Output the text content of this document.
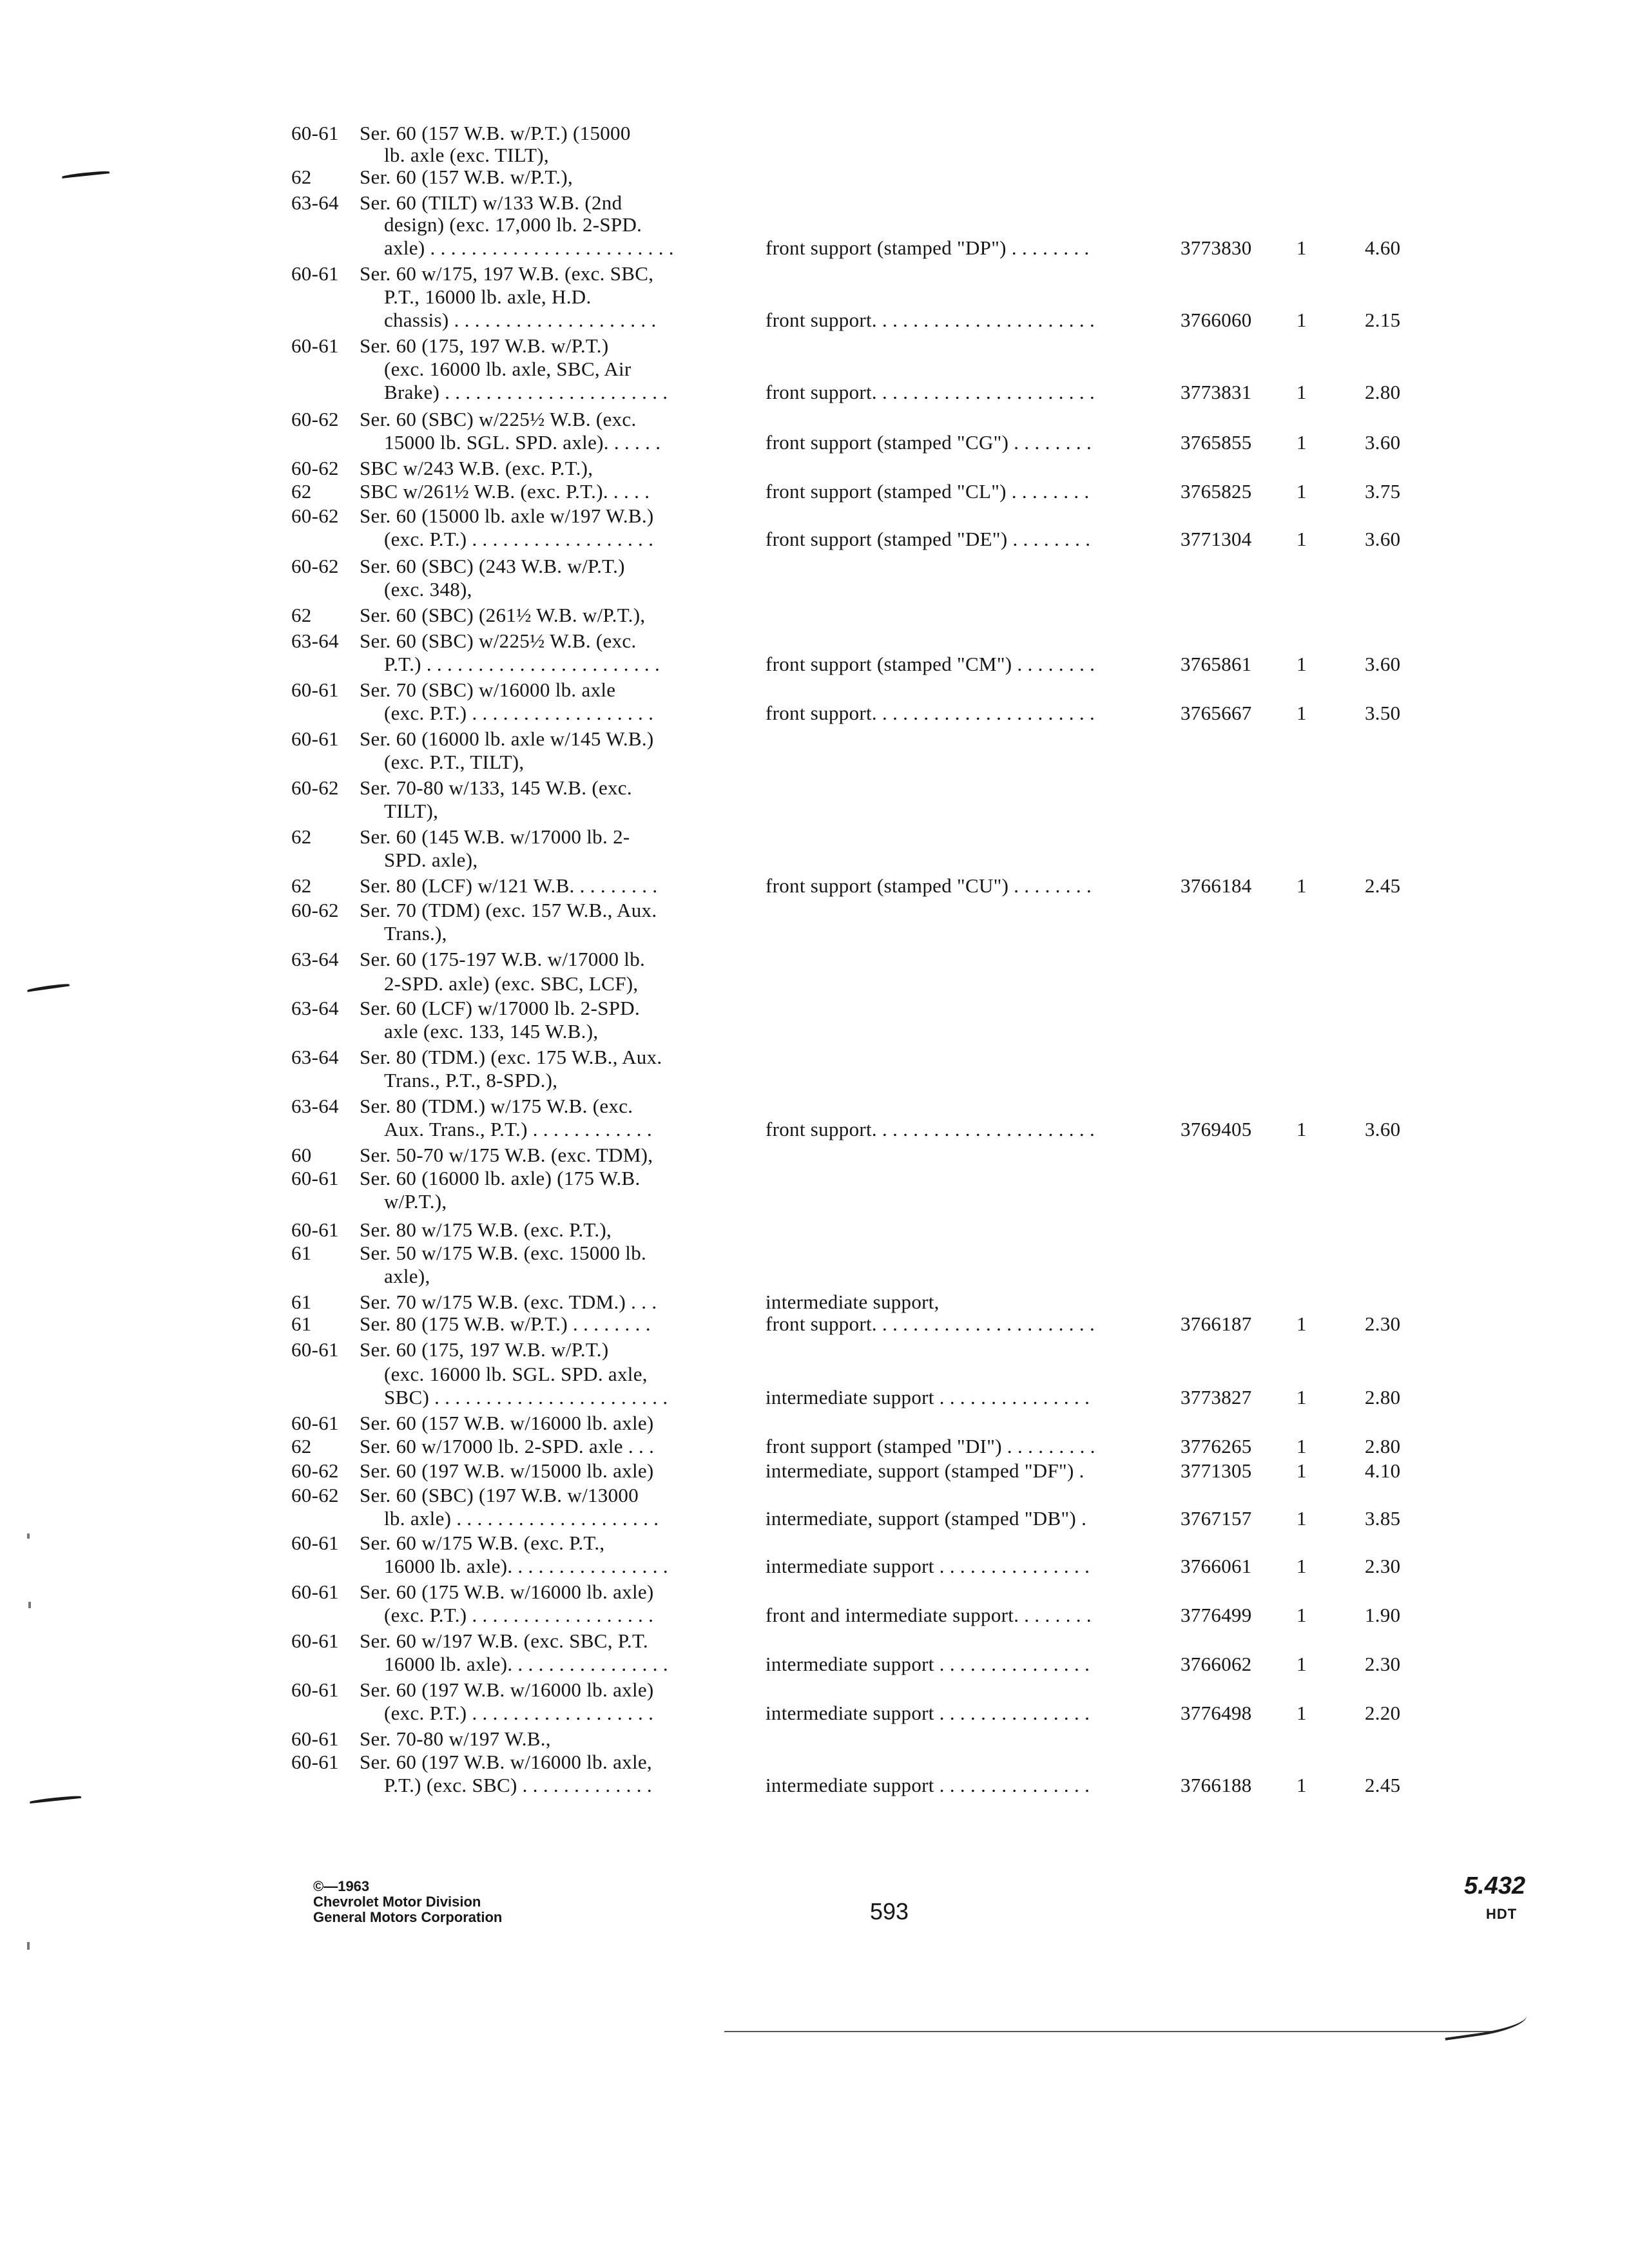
60-61 Ser. 60 (157 W.B. w/P.T.) (15000
lb. axle (exc. TILT),
62 Ser. 60 (157 W.B. w/P.T.),
63-64 Ser. 60 (TILT) w/133 W.B. (2nd
design) (exc. 17,000 lb. 2-SPD.
axle) . . . . . . . . . . . . . . . . . . . . . . . .	front support (stamped "DP") . . . . . . . .	3773830 1	4.60
60-61 Ser. 60 w/175, 197 W.B. (exc. SBC,
P.T., 16000 lb. axle, H.D.
chassis) . . . . . . . . . . . . . . . . . . . .	front support. . . . . . . . . . . . . . . . . . . . . .	3766060 1	2.15
60-61 Ser. 60 (175, 197 W.B. w/P.T.)
(exc. 16000 lb. axle, SBC, Air
Brake) . . . . . . . . . . . . . . . . . . . . . .	front support. . . . . . . . . . . . . . . . . . . . . .	3773831 1	2.80
60-62 Ser. 60 (SBC) w/225½ W.B. (exc.
15000 lb. SGL. SPD. axle). . . . . .	front support (stamped "CG") . . . . . . . .	3765855 1	3.60
60-62 SBC w/243 W.B. (exc. P.T.),
62 SBC w/261½ W.B. (exc. P.T.). . . . .	front support (stamped "CL") . . . . . . . .	3765825 1	3.75
60-62 Ser. 60 (15000 lb. axle w/197 W.B.)
(exc. P.T.) . . . . . . . . . . . . . . . . . .	front support (stamped "DE") . . . . . . . .	3771304 1	3.60
60-62 Ser. 60 (SBC) (243 W.B. w/P.T.)
(exc. 348),
62 Ser. 60 (SBC) (261½ W.B. w/P.T.),
63-64 Ser. 60 (SBC) w/225½ W.B. (exc.
P.T.) . . . . . . . . . . . . . . . . . . . . . . .	front support (stamped "CM") . . . . . . . .	3765861 1	3.60
60-61 Ser. 70 (SBC) w/16000 lb. axle
(exc. P.T.) . . . . . . . . . . . . . . . . . .	front support. . . . . . . . . . . . . . . . . . . . . .	3765667 1	3.50
60-61 Ser. 60 (16000 lb. axle w/145 W.B.)
(exc. P.T., TILT),
60-62 Ser. 70-80 w/133, 145 W.B. (exc.
TILT),
62 Ser. 60 (145 W.B. w/17000 lb. 2-
SPD. axle),
62 Ser. 80 (LCF) w/121 W.B. . . . . . . . .	front support (stamped "CU") . . . . . . . .	3766184 1	2.45
60-62 Ser. 70 (TDM) (exc. 157 W.B., Aux.
Trans.),
63-64 Ser. 60 (175-197 W.B. w/17000 lb.
2-SPD. axle) (exc. SBC, LCF),
63-64 Ser. 60 (LCF) w/17000 lb. 2-SPD.
axle (exc. 133, 145 W.B.),
63-64 Ser. 80 (TDM.) (exc. 175 W.B., Aux.
Trans., P.T., 8-SPD.),
63-64 Ser. 80 (TDM.) w/175 W.B. (exc.
Aux. Trans., P.T.) . . . . . . . . . . . .	front support. . . . . . . . . . . . . . . . . . . . . .	3769405 1	3.60
60 Ser. 50-70 w/175 W.B. (exc. TDM),
60-61 Ser. 60 (16000 lb. axle) (175 W.B.
w/P.T.),
60-61 Ser. 80 w/175 W.B. (exc. P.T.),
61 Ser. 50 w/175 W.B. (exc. 15000 lb.
axle),
61 Ser. 70 w/175 W.B. (exc. TDM.) . . .	intermediate support,
61 Ser. 80 (175 W.B. w/P.T.) . . . . . . . .	front support. . . . . . . . . . . . . . . . . . . . . .	3766187 1	2.30
60-61 Ser. 60 (175, 197 W.B. w/P.T.)
(exc. 16000 lb. SGL. SPD. axle,
SBC) . . . . . . . . . . . . . . . . . . . . . . .	intermediate support . . . . . . . . . . . . . . .	3773827 1	2.80
60-61 Ser. 60 (157 W.B. w/16000 lb. axle)
62 Ser. 60 w/17000 lb. 2-SPD. axle . . .	front support (stamped "DI") . . . . . . . . .	3776265 1	2.80
60-62 Ser. 60 (197 W.B. w/15000 lb. axle)	intermediate, support (stamped "DF") .	3771305 1	4.10
60-62 Ser. 60 (SBC) (197 W.B. w/13000
lb. axle) . . . . . . . . . . . . . . . . . . . .	intermediate, support (stamped "DB") .	3767157 1	3.85
60-61 Ser. 60 w/175 W.B. (exc. P.T.,
16000 lb. axle). . . . . . . . . . . . . . . .	intermediate support . . . . . . . . . . . . . . .	3766061 1	2.30
60-61 Ser. 60 (175 W.B. w/16000 lb. axle)
(exc. P.T.) . . . . . . . . . . . . . . . . . .	front and intermediate support. . . . . . . .	3776499 1	1.90
60-61 Ser. 60 w/197 W.B. (exc. SBC, P.T.
16000 lb. axle). . . . . . . . . . . . . . . .	intermediate support . . . . . . . . . . . . . . .	3766062 1	2.30
60-61 Ser. 60 (197 W.B. w/16000 lb. axle)
(exc. P.T.) . . . . . . . . . . . . . . . . . .	intermediate support . . . . . . . . . . . . . . .	3776498 1	2.20
60-61 Ser. 70-80 w/197 W.B.,
60-61 Ser. 60 (197 W.B. w/16000 lb. axle,
P.T.) (exc. SBC) . . . . . . . . . . . . .	intermediate support . . . . . . . . . . . . . . .	3766188 1	2.45
©—1963
Chevrolet Motor Division
General Motors Corporation	593
5.432
HDT
